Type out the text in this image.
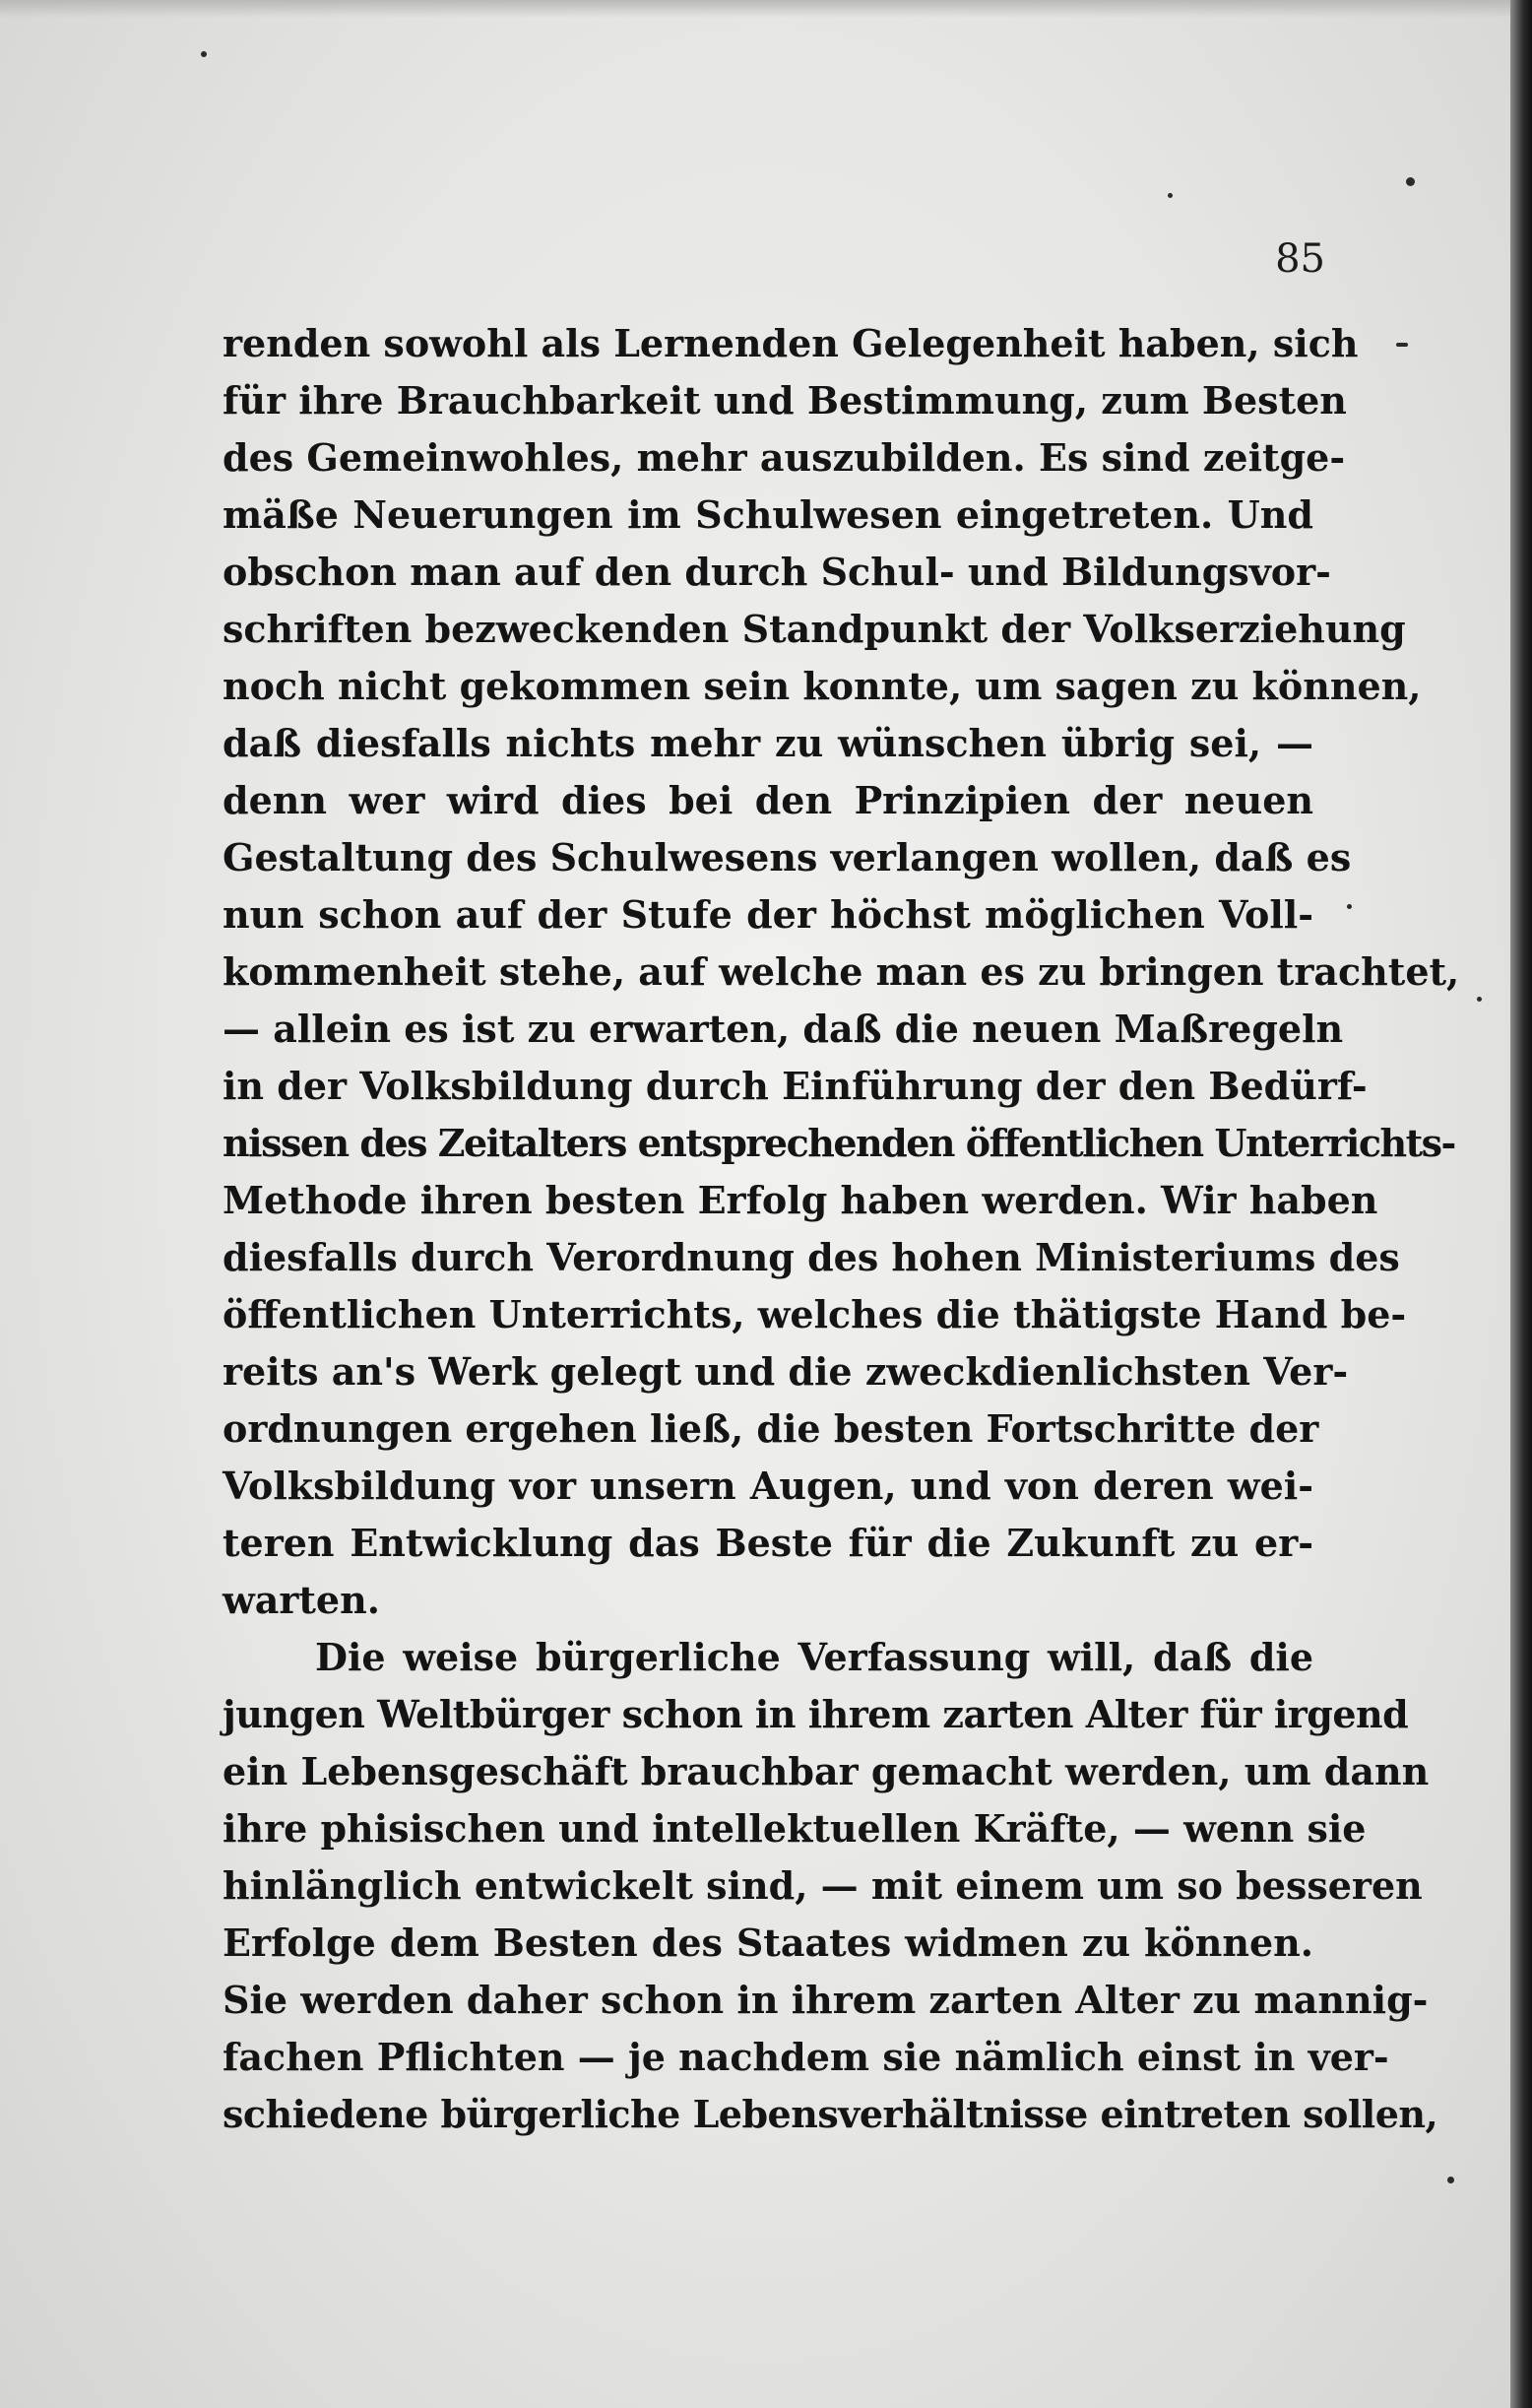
85
renden sowohl als Lernenden Gelegenheit haben, sich
für ihre Brauchbarkeit und Bestimmung, zum Besten
des Gemeinwohles, mehr auszubilden. Es sind zeitge-
mäße Neuerungen im Schulwesen eingetreten. Und
obschon man auf den durch Schul- und Bildungsvor-
schriften bezweckenden Standpunkt der Volkserziehung
noch nicht gekommen sein konnte, um sagen zu können,
daß diesfalls nichts mehr zu wünschen übrig sei, —
denn wer wird dies bei den Prinzipien der neuen
Gestaltung des Schulwesens verlangen wollen, daß es
nun schon auf der Stufe der höchst möglichen Voll-
kommenheit stehe, auf welche man es zu bringen trachtet,
— allein es ist zu erwarten, daß die neuen Maßregeln
in der Volksbildung durch Einführung der den Bedürf-
nissen des Zeitalters entsprechenden öffentlichen Unterrichts-
Methode ihren besten Erfolg haben werden. Wir haben
diesfalls durch Verordnung des hohen Ministeriums des
öffentlichen Unterrichts, welches die thätigste Hand be-
reits an's Werk gelegt und die zweckdienlichsten Ver-
ordnungen ergehen ließ, die besten Fortschritte der
Volksbildung vor unsern Augen, und von deren wei-
teren Entwicklung das Beste für die Zukunft zu er-
warten.
Die weise bürgerliche Verfassung will, daß die
jungen Weltbürger schon in ihrem zarten Alter für irgend
ein Lebensgeschäft brauchbar gemacht werden, um dann
ihre phisischen und intellektuellen Kräfte, — wenn sie
hinlänglich entwickelt sind, — mit einem um so besseren
Erfolge dem Besten des Staates widmen zu können.
Sie werden daher schon in ihrem zarten Alter zu mannig-
fachen Pflichten — je nachdem sie nämlich einst in ver-
schiedene bürgerliche Lebensverhältnisse eintreten sollen,
